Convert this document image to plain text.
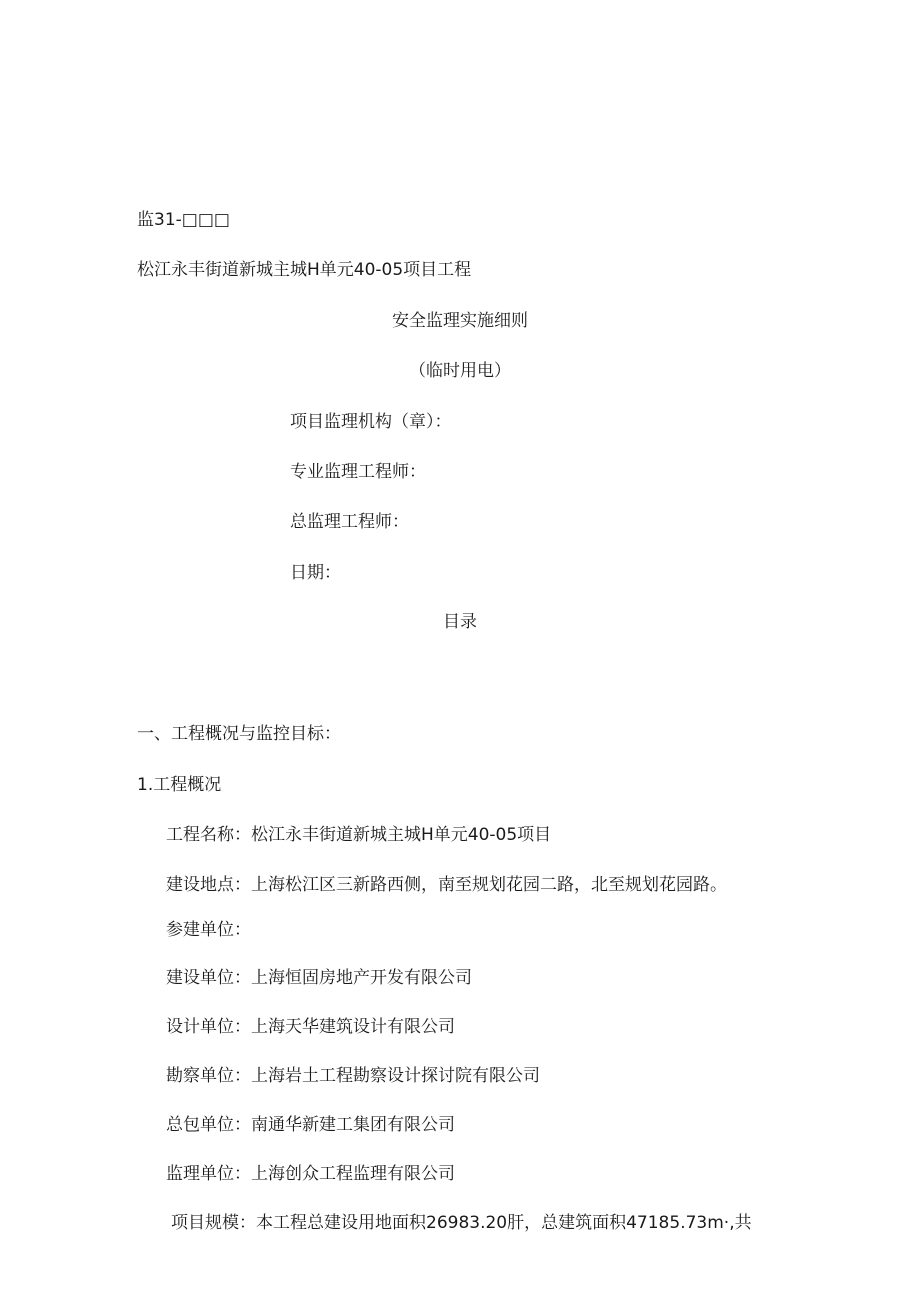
监31-□□□
松江永丰街道新城主城H单元40-05项目工程
安全监理实施细则
（临时用电）
项目监理机构（章）：
专业监理工程师：
总监理工程师：
日期：
目录
一、工程概况与监控目标：
1.工程概况
工程名称：松江永丰街道新城主城H单元40-05项目
建设地点：上海松江区三新路西侧，南至规划花园二路，北至规划花园路。
参建单位：
建设单位：上海恒固房地产开发有限公司
设计单位：上海天华建筑设计有限公司
勘察单位：上海岩土工程勘察设计探讨院有限公司
总包单位：南通华新建工集团有限公司
监理单位：上海创众工程监理有限公司
项目规模：本工程总建设用地面积26983.20肝，总建筑面积47185.73m·,共
